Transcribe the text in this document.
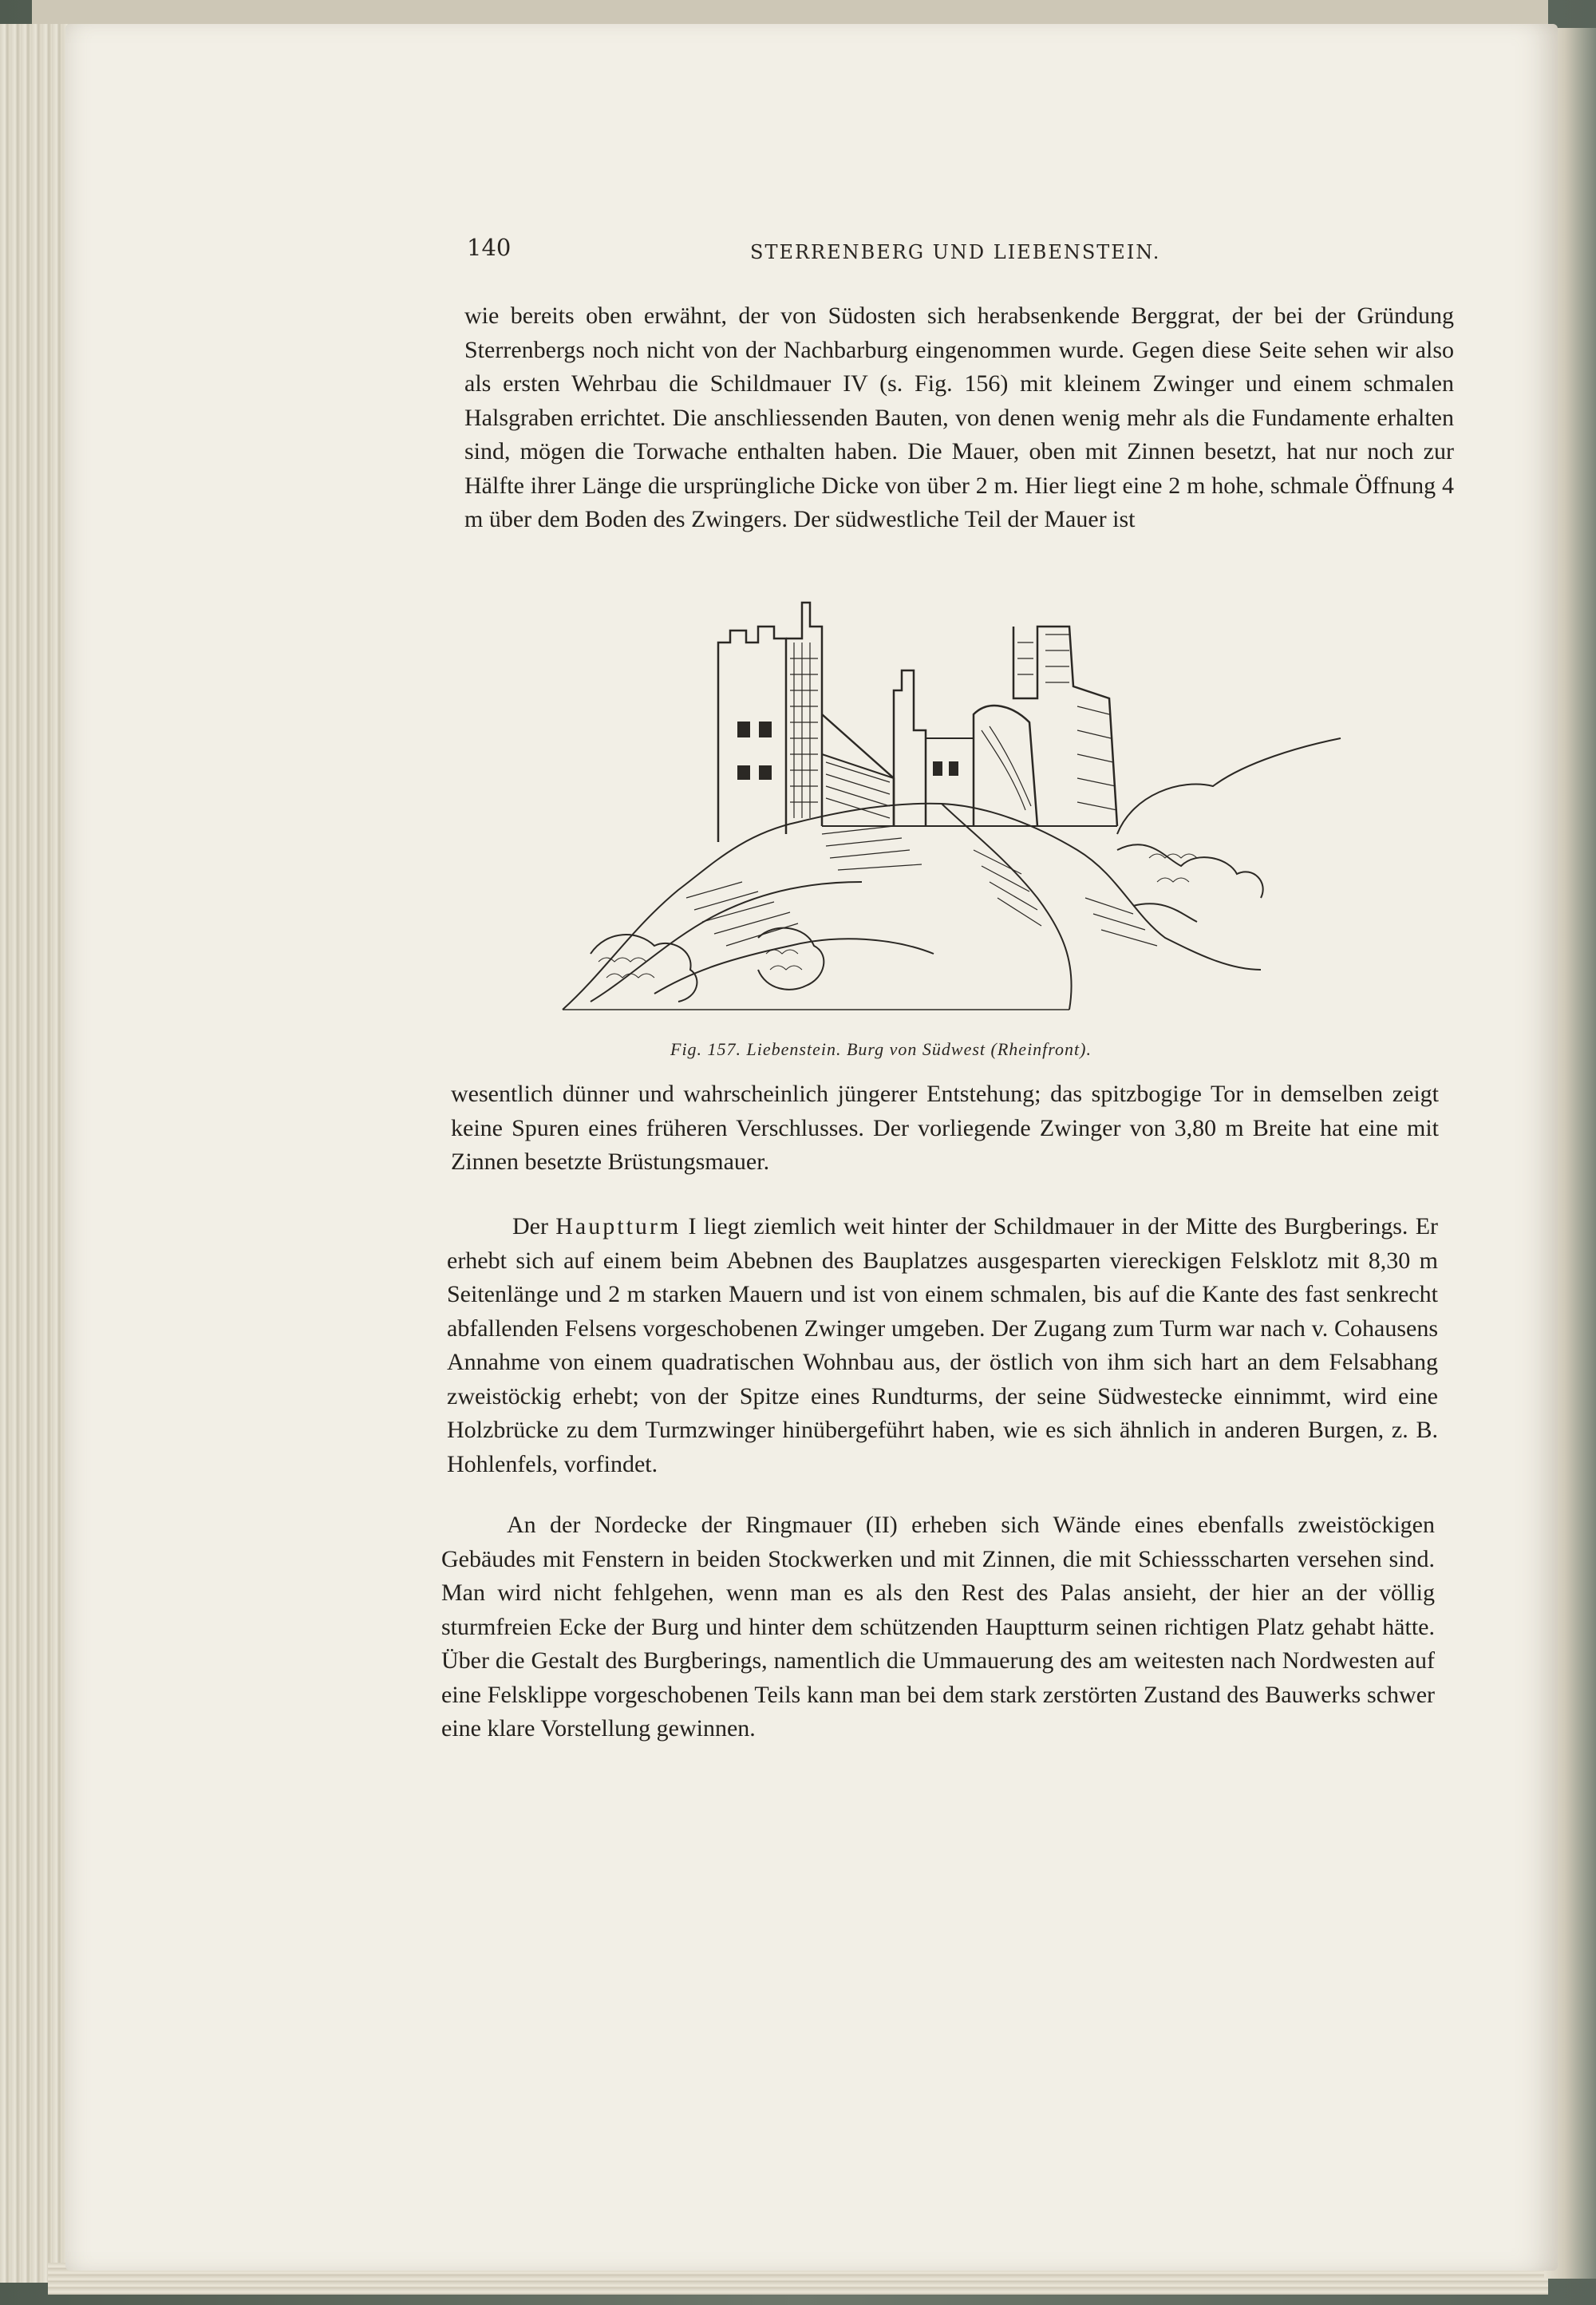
140	STERRENBERG UND LIEBENSTEIN.
wie bereits oben erwähnt, der von Südosten sich herabsenkende Berggrat, der bei der Gründung Sterrenbergs noch nicht von der Nachbarburg eingenommen wurde. Gegen diese Seite sehen wir also als ersten Wehrbau die Schildmauer IV (s. Fig. 156) mit kleinem Zwinger und einem schmalen Halsgraben errichtet. Die anschliessenden Bauten, von denen wenig mehr als die Fundamente erhalten sind, mögen die Torwache enthalten haben. Die Mauer, oben mit Zinnen besetzt, hat nur noch zur Hälfte ihrer Länge die ursprüngliche Dicke von über 2 m. Hier liegt eine 2 m hohe, schmale Öffnung 4 m über dem Boden des Zwingers. Der südwestliche Teil der Mauer ist
Fig. 157. Liebenstein. Burg von Südwest (Rheinfront).
wesentlich dünner und wahrscheinlich jüngerer Entstehung; das spitzbogige Tor in demselben zeigt keine Spuren eines früheren Verschlusses. Der vorliegende Zwinger von 3,80 m Breite hat eine mit Zinnen besetzte Brüstungsmauer.
Der Hauptturm I liegt ziemlich weit hinter der Schildmauer in der Mitte des Burgberings. Er erhebt sich auf einem beim Abebnen des Bauplatzes ausgesparten viereckigen Felsklotz mit 8,30 m Seitenlänge und 2 m starken Mauern und ist von einem schmalen, bis auf die Kante des fast senkrecht abfallenden Felsens vorgeschobenen Zwinger umgeben. Der Zugang zum Turm war nach v. Cohausens Annahme von einem quadratischen Wohnbau aus, der östlich von ihm sich hart an dem Felsabhang zweistöckig erhebt; von der Spitze eines Rundturms, der seine Südwestecke einnimmt, wird eine Holzbrücke zu dem Turmzwinger hinübergeführt haben, wie es sich ähnlich in anderen Burgen, z. B. Hohlenfels, vorfindet.
An der Nordecke der Ringmauer (II) erheben sich Wände eines ebenfalls zweistöckigen Gebäudes mit Fenstern in beiden Stockwerken und mit Zinnen, die mit Schiessscharten versehen sind. Man wird nicht fehlgehen, wenn man es als den Rest des Palas ansieht, der hier an der völlig sturmfreien Ecke der Burg und hinter dem schützenden Hauptturm seinen richtigen Platz gehabt hätte. Über die Gestalt des Burgberings, namentlich die Ummauerung des am weitesten nach Nordwesten auf eine Felsklippe vorgeschobenen Teils kann man bei dem stark zerstörten Zustand des Bauwerks schwer eine klare Vorstellung gewinnen.
